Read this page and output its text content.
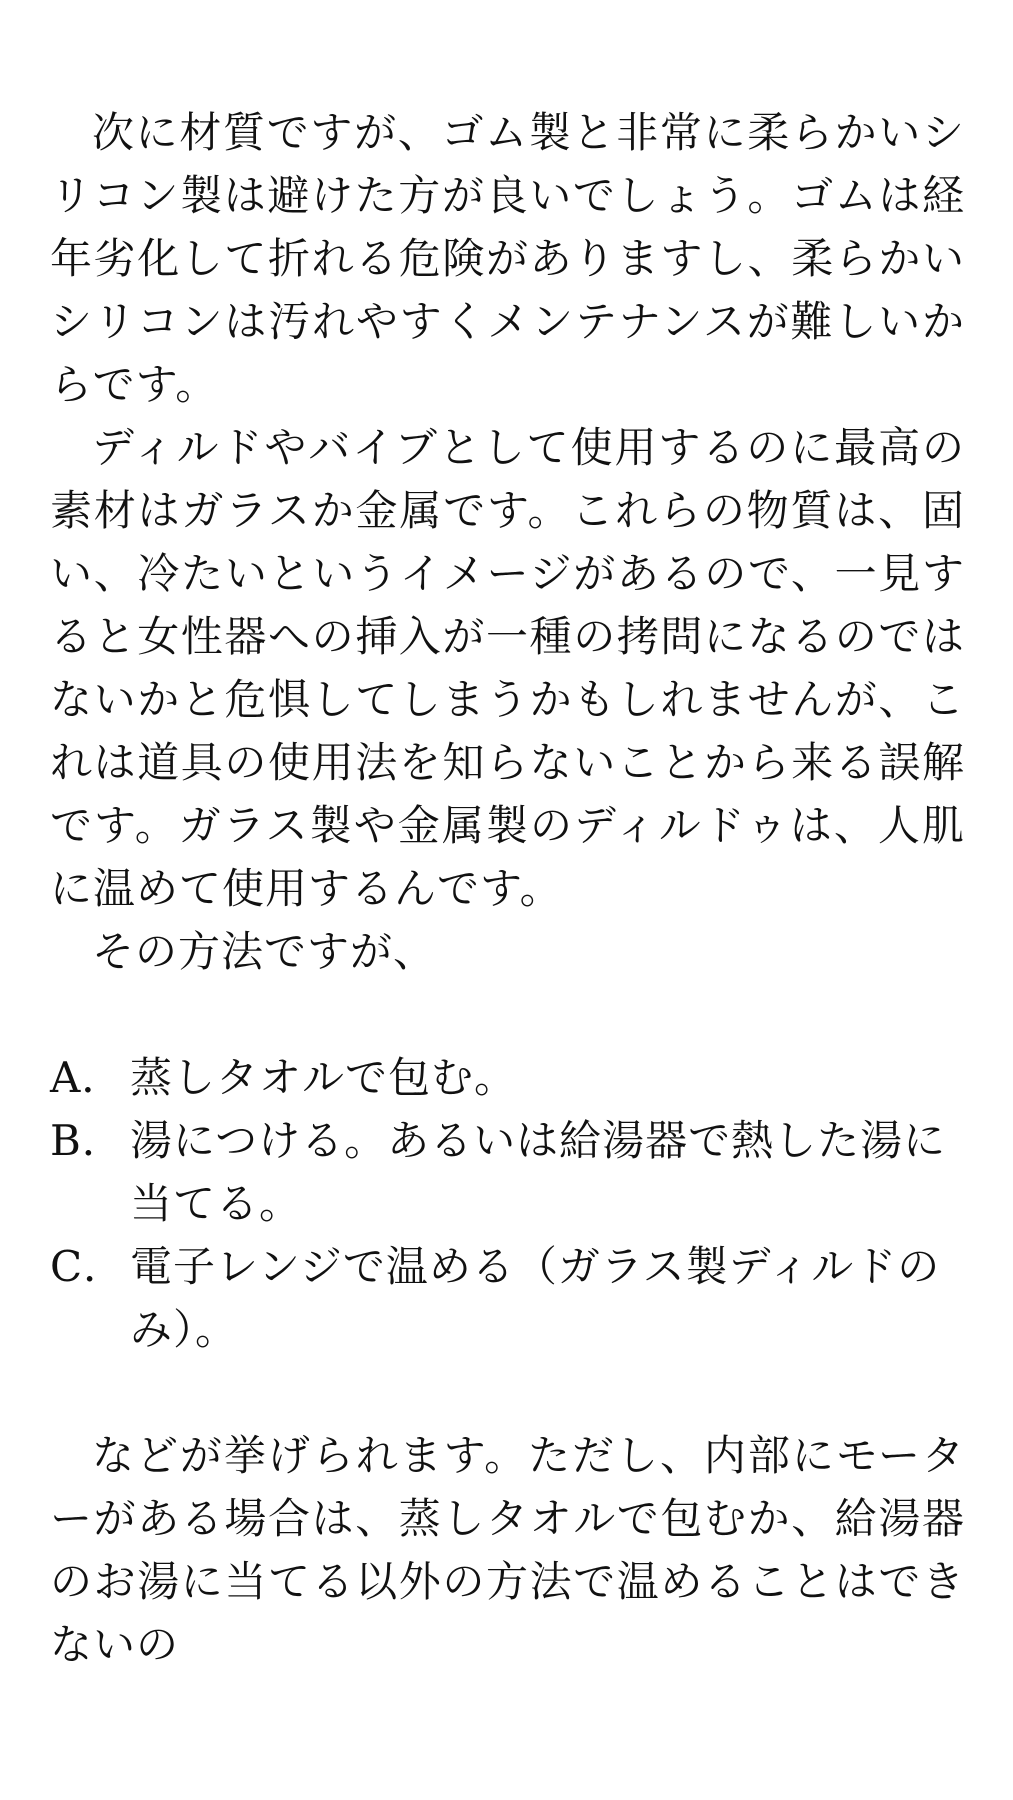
次に材質ですが、ゴム製と非常に柔らかいシリコン製は避けた方が良いでしょう。ゴムは経年劣化して折れる危険がありますし、柔らかいシリコンは汚れやすくメンテナンスが難しいからです。

ディルドやバイブとして使用するのに最高の素材はガラスか金属です。これらの物質は、固い、冷たいというイメージがあるので、一見すると女性器への挿入が一種の拷問になるのではないかと危惧してしまうかもしれませんが、これは道具の使用法を知らないことから来る誤解です。ガラス製や金属製のディルドゥは、人肌に温めて使用するんです。

その方法ですが、

A． 蒸しタオルで包む。
B． 湯につける。あるいは給湯器で熱した湯に当てる。
C． 電子レンジで温める（ガラス製ディルドのみ）。

などが挙げられます。ただし、内部にモーターがある場合は、蒸しタオルで包むか、給湯器のお湯に当てる以外の方法で温めることはできないの
